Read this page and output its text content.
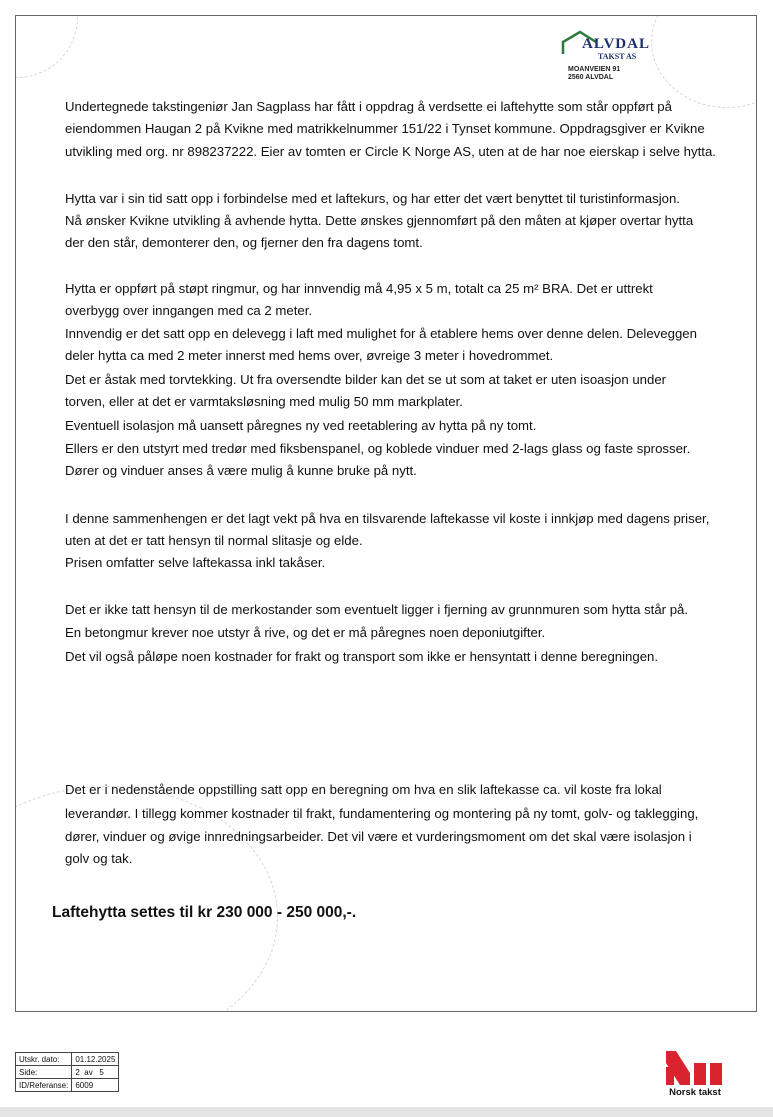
ALVDAL
TAKST AS
MOANVEIEN 91
2560 ALVDAL
Undertegnede takstingeniør Jan Sagplass har fått i oppdrag å verdsette ei laftehytte som står oppført på
eiendommen Haugan 2 på Kvikne med matrikkelnummer 151/22 i Tynset kommune. Oppdragsgiver er Kvikne
utvikling med org. nr 898237222. Eier av tomten er Circle K Norge AS, uten at de har noe eierskap i selve hytta.
Hytta var i sin tid satt opp i forbindelse med et laftekurs, og har etter det vært benyttet til turistinformasjon.
Nå ønsker Kvikne utvikling å avhende hytta. Dette ønskes gjennomført på den måten at kjøper overtar hytta
der den står, demonterer den, og fjerner den fra dagens tomt.
Hytta er oppført på støpt ringmur, og har innvendig må 4,95 x 5 m, totalt ca 25 m² BRA. Det er uttrekt
overbygg over inngangen med ca 2 meter.
Innvendig er det satt opp en delevegg i laft med mulighet for å etablere hems over denne delen. Deleveggen
deler hytta ca med 2 meter innerst med hems over, øvreige 3 meter i hovedrommet.
Det er åstak med torvtekking. Ut fra oversendte bilder kan det se ut som at taket er uten isoasjon under
torven, eller at det er varmtaksløsning med mulig 50 mm markplater.
Eventuell isolasjon må uansett påregnes ny ved reetablering av hytta på ny tomt.
Ellers er den utstyrt med tredør med fiksbenspanel, og koblede vinduer med 2-lags glass og faste sprosser.
Dører og vinduer anses å være mulig å kunne bruke på nytt.
I denne sammenhengen er det lagt vekt på hva en tilsvarende laftekasse vil koste i innkjøp med dagens priser,
uten at det er tatt hensyn til normal slitasje og elde.
Prisen omfatter selve laftekassa inkl takåser.
Det er ikke tatt hensyn til de merkostander som eventuelt ligger i fjerning av grunnmuren som hytta står på.
En betongmur krever noe utstyr å rive, og det er må påregnes noen deponiutgifter.
Det vil også påløpe noen kostnader for frakt og transport som ikke er hensyntatt i denne beregningen.
Det er i nedenstående oppstilling satt opp en beregning om hva en slik laftekasse ca. vil koste fra lokal
leverandør. I tillegg kommer kostnader til frakt, fundamentering og montering på ny tomt, golv- og taklegging,
dører, vinduer og øvige innredningsarbeider. Det vil være et vurderingsmoment om det skal være isolasjon i
golv og tak.
Laftehytta settes til kr 230 000 - 250 000,-.
Utskr. dato:	01.12.2025
Side:	2  av   5
ID/Referanse:	6009
Norsk takst
